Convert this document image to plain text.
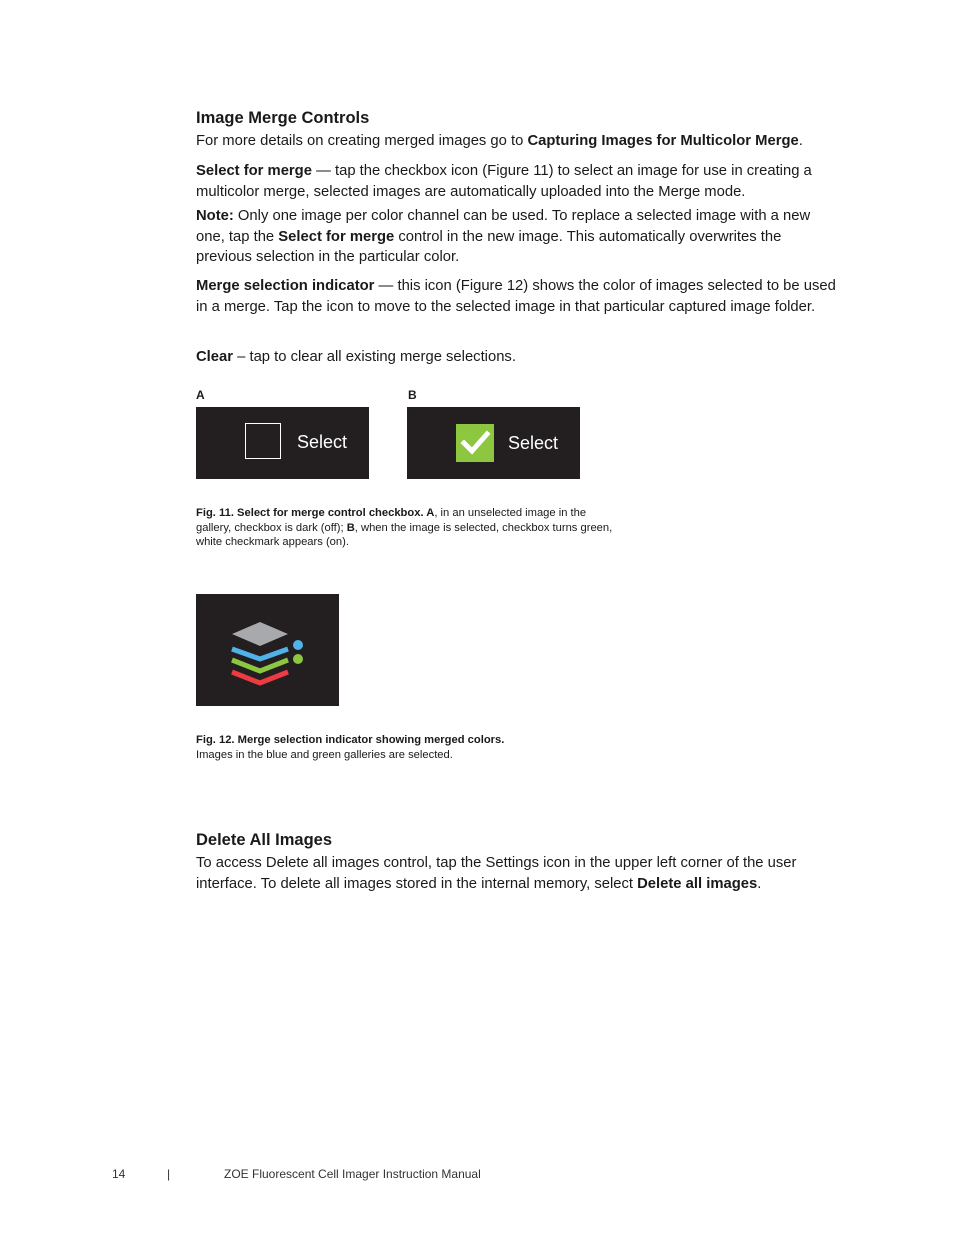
Image Merge Controls

For more details on creating merged images go to Capturing Images for Multicolor Merge.

Select for merge — tap the checkbox icon (Figure 11) to select an image for use in creating a multicolor merge, selected images are automatically uploaded into the Merge mode.

Note: Only one image per color channel can be used. To replace a selected image with a new one, tap the Select for merge control in the new image. This automatically overwrites the previous selection in the particular color.

Merge selection indicator — this icon (Figure 12) shows the color of images selected to be used in a merge. Tap the icon to move to the selected image in that particular captured image folder.

Clear – tap to clear all existing merge selections.

A	B
Select	Select
Fig. 11. Select for merge control checkbox. A, in an unselected image in the gallery, checkbox is dark (off); B, when the image is selected, checkbox turns green, white checkmark appears (on).
Fig. 12. Merge selection indicator showing merged colors. Images in the blue and green galleries are selected.
Delete All Images

To access Delete all images control, tap the Settings icon in the upper left corner of the user interface. To delete all images stored in the internal memory, select Delete all images.

14	|	ZOE Fluorescent Cell Imager Instruction Manual
